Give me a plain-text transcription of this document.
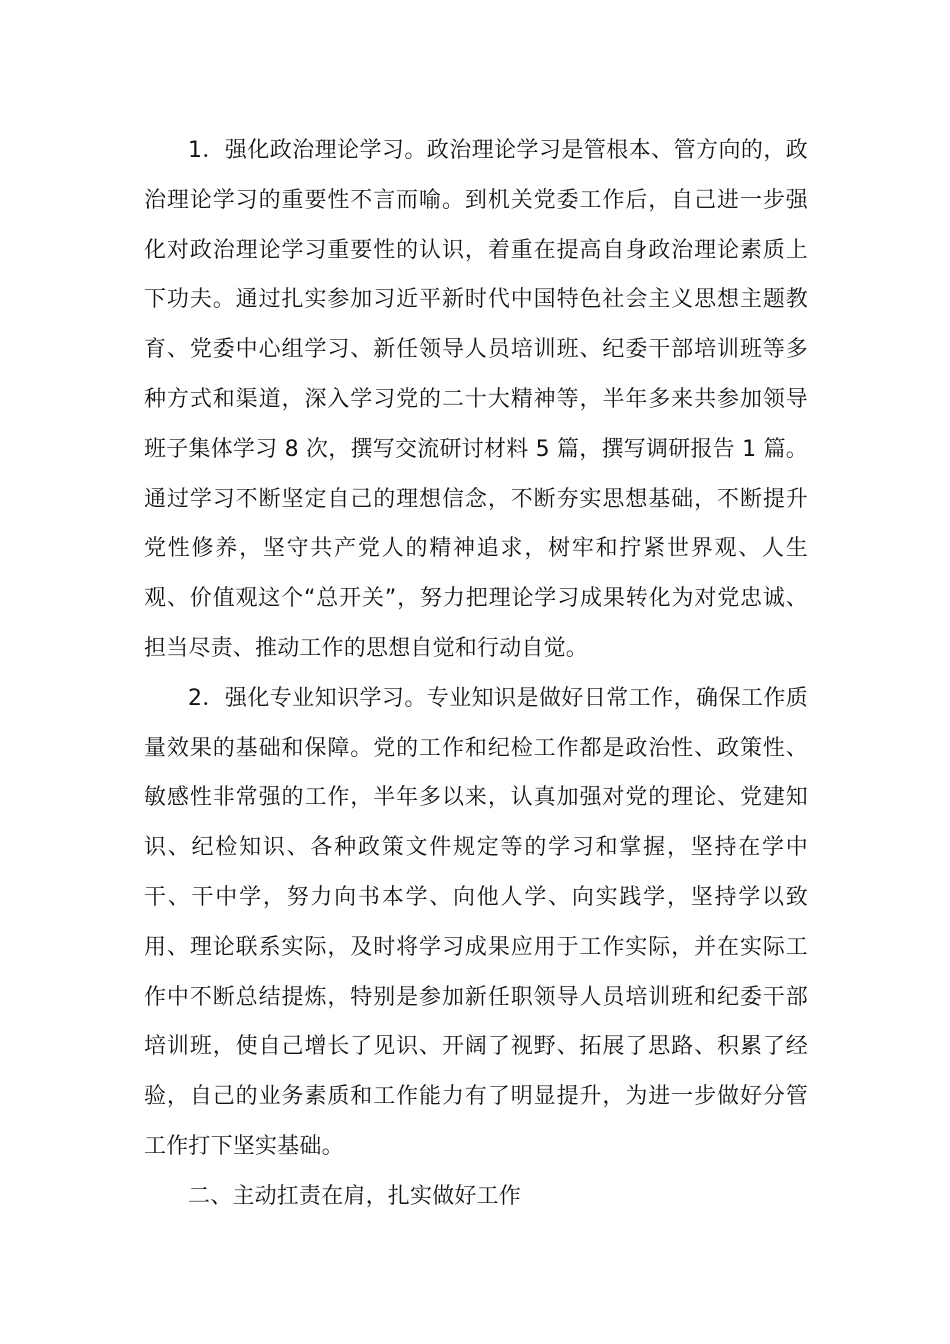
1．强化政治理论学习。政治理论学习是管根本、管方向的，政治理论学习的重要性不言而喻。到机关党委工作后，自己进一步强化对政治理论学习重要性的认识，着重在提高自身政治理论素质上下功夫。通过扎实参加习近平新时代中国特色社会主义思想主题教育、党委中心组学习、新任领导人员培训班、纪委干部培训班等多种方式和渠道，深入学习党的二十大精神等，半年多来共参加领导班子集体学习 8 次，撰写交流研讨材料 5 篇，撰写调研报告 1 篇。通过学习不断坚定自己的理想信念，不断夯实思想基础，不断提升党性修养，坚守共产党人的精神追求，树牢和拧紧世界观、人生观、价值观这个“总开关”，努力把理论学习成果转化为对党忠诚、担当尽责、推动工作的思想自觉和行动自觉。

2．强化专业知识学习。专业知识是做好日常工作，确保工作质量效果的基础和保障。党的工作和纪检工作都是政治性、政策性、敏感性非常强的工作，半年多以来，认真加强对党的理论、党建知识、纪检知识、各种政策文件规定等的学习和掌握，坚持在学中干、干中学，努力向书本学、向他人学、向实践学，坚持学以致用、理论联系实际，及时将学习成果应用于工作实际，并在实际工作中不断总结提炼，特别是参加新任职领导人员培训班和纪委干部培训班，使自己增长了见识、开阔了视野、拓展了思路、积累了经验，自己的业务素质和工作能力有了明显提升，为进一步做好分管工作打下坚实基础。

二、主动扛责在肩，扎实做好工作
